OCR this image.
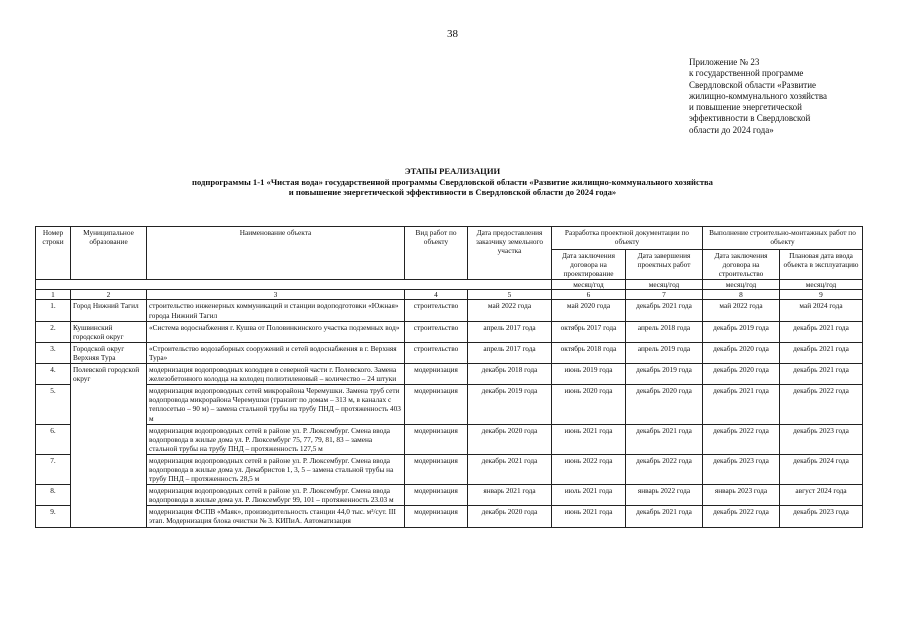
38
Приложение № 23
к государственной программе
Свердловской области «Развитие
жилищно-коммунального хозяйства
и повышение энергетической
эффективности в Свердловской
области до 2024 года»
ЭТАПЫ РЕАЛИЗАЦИИ
подпрограммы 1-1 «Чистая вода» государственной программы Свердловской области «Развитие жилищно-коммунального хозяйства
и повышение энергетической эффективности в Свердловской области до 2024 года»
Номер строки	Муниципальное образование	Наименование объекта	Вид работ по объекту	Дата предоставления заказчику земельного участка	Разработка проектной документации по объекту		Выполнение строительно-монтажных работ по объекту	
					Дата заключения договора на проектирование	Дата завершения проектных работ	Дата заключения договора на строительство	Плановая дата ввода объекта в эксплуатацию
					месяц/год	месяц/год	месяц/год	месяц/год
1	2	3	4	5	6	7	8	9
1.	Город Нижний Тагил	строительство инженерных коммуникаций и станции водоподготовки «Южная» города Нижний Тагил	строительство	май 2022 года	май 2020 года	декабрь 2021 года	май 2022 года	май 2024 года
2.	Кушвинский городской округ	«Система водоснабжения г. Кушва от Половинкинского участка подземных вод»	строительство	апрель 2017 года	октябрь 2017 года	апрель 2018 года	декабрь 2019 года	декабрь 2021 года
3.	Городской округ Верхняя Тура	«Строительство водозаборных сооружений и сетей водоснабжения в г. Верхняя Тура»	строительство	апрель 2017 года	октябрь 2018 года	апрель 2019 года	декабрь 2020 года	декабрь 2021 года
4.	Полевской городской округ	модернизация водопроводных колодцев в северной части г. Полевского. Замена железобетонного колодца на колодец полиэтиленовый – количество – 24 штуки	модернизация	декабрь 2018 года	июнь 2019 года	декабрь 2019 года	декабрь 2020 года	декабрь 2021 года
5.		модернизация водопроводных сетей микрорайона Черемушки. Замена труб сети водопровода микрорайона Черемушки (транзит по домам – 313 м, в каналах с теплосетью – 90 м) – замена стальной трубы на трубу ПНД – протяженность 403 м	модернизация	декабрь 2019 года	июнь 2020 года	декабрь 2020 года	декабрь 2021 года	декабрь 2022 года
6.		модернизация водопроводных сетей в районе ул. Р. Люксембург. Смена ввода водопровода в жилые дома ул. Р. Люксембург 75, 77, 79, 81, 83 – замена стальной трубы на трубу ПНД – протяженность 127,5 м	модернизация	декабрь 2020 года	июнь 2021 года	декабрь 2021 года	декабрь 2022 года	декабрь 2023 года
7.		модернизация водопроводных сетей в районе ул. Р. Люксембург. Смена ввода водопровода в жилые дома ул. Декабристов 1, 3, 5 – замена стальной трубы на трубу ПНД – протяженность 28,5 м	модернизация	декабрь 2021 года	июнь 2022 года	декабрь 2022 года	декабрь 2023 года	декабрь 2024 года
8.		модернизация водопроводных сетей в районе ул. Р. Люксембург. Смена ввода водопровода в жилые дома ул. Р. Люксембург 99, 101 – протяженность 23.03 м	модернизация	январь 2021 года	июль 2021 года	январь 2022 года	январь 2023 года	август 2024 года
9.		модернизация ФСПВ «Маяк», производительность станции 44,0 тыс. м³/сут. III этап. Модернизация блока очистки № 3. КИПиА. Автоматизация	модернизация	декабрь 2020 года	июнь 2021 года	декабрь 2021 года	декабрь 2022 года	декабрь 2023 года
